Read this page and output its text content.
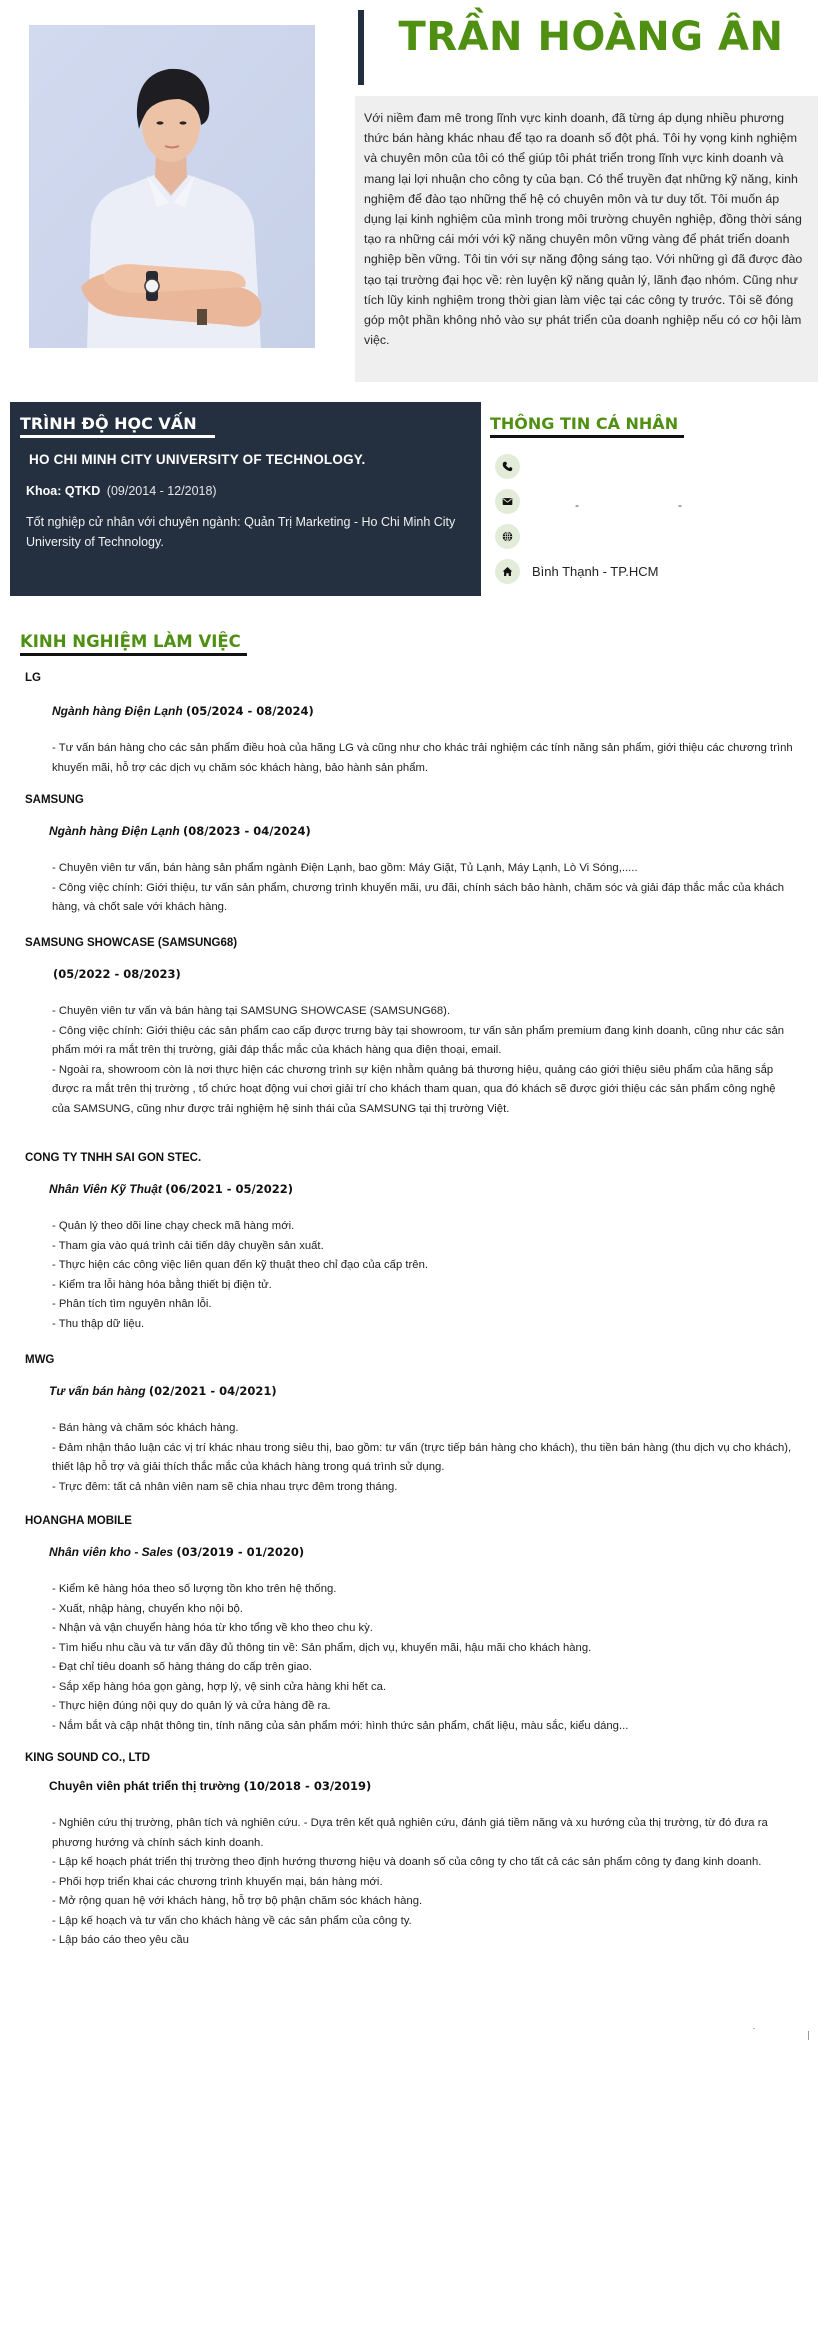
TRẦN HOÀNG ÂN

Với niềm đam mê trong lĩnh vực kinh doanh, đã từng áp dụng nhiều phương thức bán hàng khác nhau để tạo ra doanh số đột phá. Tôi hy vọng kinh nghiệm và chuyên môn của tôi có thể giúp tôi phát triển trong lĩnh vực kinh doanh và mang lại lợi nhuận cho công ty của bạn. Có thể truyền đạt những kỹ năng, kinh nghiệm để đào tạo những thế hệ có chuyên môn và tư duy tốt. Tôi muốn áp dụng lại kinh nghiệm của mình trong môi trường chuyên nghiệp, đồng thời sáng tạo ra những cái mới với kỹ năng chuyên môn vững vàng để phát triển doanh nghiệp bền vững. Tôi tin với sự năng động sáng tạo. Với những gì đã được đào tạo tại trường đại học về: rèn luyện kỹ năng quản lý, lãnh đạo nhóm. Cũng như tích lũy kinh nghiệm trong thời gian làm việc tại các công ty trước. Tôi sẽ đóng góp một phần không nhỏ vào sự phát triển của doanh nghiệp nếu có cơ hội làm việc.

TRÌNH ĐỘ HỌC VẤN
HO CHI MINH CITY UNIVERSITY OF TECHNOLOGY.
Khoa: QTKD (09/2014 - 12/2018)
Tốt nghiệp cử nhân với chuyên ngành: Quản Trị Marketing - Ho Chi Minh City University of Technology.
THÔNG TIN CÁ NHÂN
-	-
Bình Thạnh - TP.HCM
KINH NGHIỆM LÀM VIỆC
LG
Ngành hàng Điện Lạnh (05/2024 - 08/2024)
- Tư vấn bán hàng cho các sản phẩm điều hoà của hãng LG và cũng như cho khác trải nghiệm các tính năng sản phẩm, giới thiệu các chương trình khuyến mãi, hỗ trợ các dịch vụ chăm sóc khách hàng, bảo hành sản phẩm.
SAMSUNG
Ngành hàng Điện Lạnh (08/2023 - 04/2024)
- Chuyên viên tư vấn, bán hàng sản phẩm ngành Điện Lạnh, bao gồm: Máy Giặt, Tủ Lạnh, Máy Lạnh, Lò Vi Sóng,.....
- Công việc chính: Giới thiệu, tư vấn sản phẩm, chương trình khuyến mãi, ưu đãi, chính sách bảo hành, chăm sóc và giải đáp thắc mắc của khách hàng, và chốt sale với khách hàng.
SAMSUNG SHOWCASE (SAMSUNG68)
(05/2022 - 08/2023)
- Chuyên viên tư vấn và bán hàng tại SAMSUNG SHOWCASE (SAMSUNG68).
- Công việc chính: Giới thiệu các sản phẩm cao cấp được trưng bày tại showroom, tư vấn sản phẩm premium đang kinh doanh, cũng như các sản phẩm mới ra mắt trên thị trường, giải đáp thắc mắc của khách hàng qua điện thoại, email.
- Ngoài ra, showroom còn là nơi thực hiện các chương trình sự kiện nhằm quảng bá thương hiệu, quảng cáo giới thiệu siêu phẩm của hãng sắp được ra mắt trên thị trường , tổ chức hoạt động vui chơi giải trí cho khách tham quan, qua đó khách sẽ được giới thiệu các sản phẩm công nghệ của SAMSUNG, cũng như được trải nghiệm hệ sinh thái của SAMSUNG tại thị trường Việt.
CONG TY TNHH SAI GON STEC.
Nhân Viên Kỹ Thuật (06/2021 - 05/2022)
- Quản lý theo dõi line chạy check mã hàng mới.
- Tham gia vào quá trình cải tiến dây chuyền sản xuất.
- Thực hiện các công việc liên quan đến kỹ thuật theo chỉ đạo của cấp trên.
- Kiểm tra lỗi hàng hóa bằng thiết bị điện tử.
- Phân tích tìm nguyên nhân lỗi.
- Thu thập dữ liệu.
MWG
Tư vấn bán hàng (02/2021 - 04/2021)
- Bán hàng và chăm sóc khách hàng.
- Đảm nhận thảo luận các vị trí khác nhau trong siêu thị, bao gồm: tư vấn (trực tiếp bán hàng cho khách), thu tiền bán hàng (thu dịch vụ cho khách), thiết lập hỗ trợ và giải thích thắc mắc của khách hàng trong quá trình sử dụng.
- Trực đêm: tất cả nhân viên nam sẽ chia nhau trực đêm trong tháng.
HOANGHA MOBILE
Nhân viên kho - Sales (03/2019 - 01/2020)
- Kiểm kê hàng hóa theo số lượng tồn kho trên hệ thống.
- Xuất, nhập hàng, chuyển kho nội bộ.
- Nhận và vận chuyển hàng hóa từ kho tổng về kho theo chu kỳ.
- Tìm hiểu nhu cầu và tư vấn đầy đủ thông tin về: Sản phẩm, dịch vụ, khuyến mãi, hậu mãi cho khách hàng.
- Đạt chỉ tiêu doanh số hàng tháng do cấp trên giao.
- Sắp xếp hàng hóa gọn gàng, hợp lý, vệ sinh cửa hàng khi hết ca.
- Thực hiện đúng nội quy do quản lý và cửa hàng đề ra.
- Nắm bắt và cập nhật thông tin, tính năng của sản phẩm mới: hình thức sản phẩm, chất liệu, màu sắc, kiểu dáng...
KING SOUND CO., LTD
Chuyên viên phát triển thị trường (10/2018 - 03/2019)
- Nghiên cứu thị trường, phân tích và nghiên cứu. - Dựa trên kết quả nghiên cứu, đánh giá tiềm năng và xu hướng của thị trường, từ đó đưa ra phương hướng và chính sách kinh doanh.
- Lập kế hoạch phát triển thị trường theo định hướng thương hiệu và doanh số của công ty cho tất cả các sản phẩm công ty đang kinh doanh.
- Phối hợp triển khai các chương trình khuyến mại, bán hàng mới.
- Mở rộng quan hệ với khách hàng, hỗ trợ bộ phận chăm sóc khách hàng.
- Lập kế hoạch và tư vấn cho khách hàng về các sản phẩm của công ty.
- Lập báo cáo theo yêu cầu
